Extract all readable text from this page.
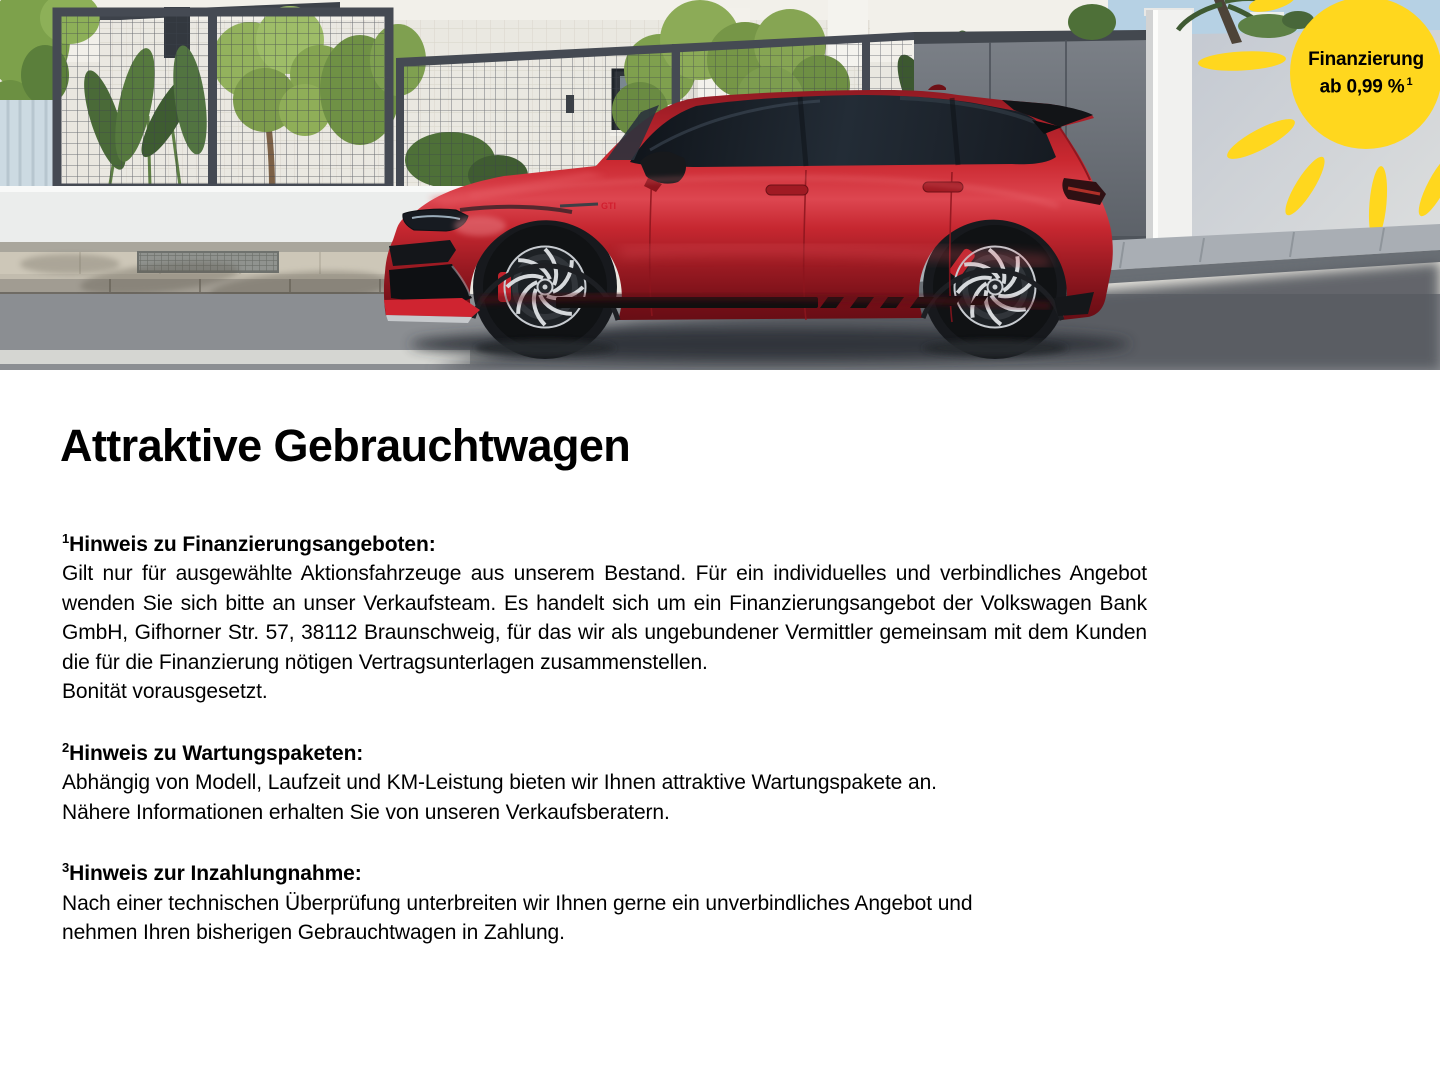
GTI
Finanzierung
ab 0,99 % $^1$
Attraktive Gebrauchtwagen

$^1$Hinweis zu Finanzierungsangeboten:
Gilt nur für ausgewählte Aktionsfahrzeuge aus unserem Bestand. Für ein individuelles und verbindliches Angebot wenden Sie sich bitte an unser Verkaufsteam. Es handelt sich um ein Finanzierungsangebot der Volkswagen Bank GmbH, Gifhorner Str. 57, 38112 Braunschweig, für das wir als ungebundener Vermittler gemeinsam mit dem Kunden die für die Finanzierung nötigen Vertragsunterlagen zusammenstellen.
Bonität vorausgesetzt.

$^2$Hinweis zu Wartungspaketen:
Abhängig von Modell, Laufzeit und KM-Leistung bieten wir Ihnen attraktive Wartungspakete an.
Nähere Informationen erhalten Sie von unseren Verkaufsberatern.

$^3$Hinweis zur Inzahlungnahme:
Nach einer technischen Überprüfung unterbreiten wir Ihnen gerne ein unverbindliches Angebot und
nehmen Ihren bisherigen Gebrauchtwagen in Zahlung.
